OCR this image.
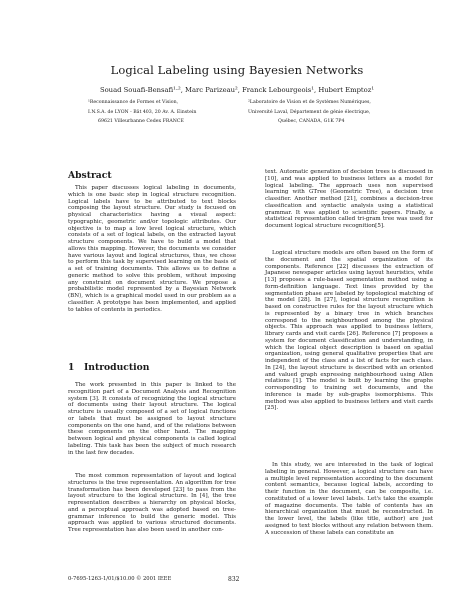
Logical Labeling using Bayesien Networks
Souad Souafi-Bensafi¹·², Marc Parizeau², Franck Lebourgeois¹, Hubert Emptoz¹
¹Reconnaissance de Formes et Vision,
I.N.S.A. de LYON - Bât 403, 20 Av. A. Einstein
69621 Villeurbanne Cedex FRANCE
²Laboratoire de Vision et de Systèmes Numériques,
Université Laval, Département de génie électrique,
Québec, CANADA, G1K 7P4
Abstract

This paper discusses logical labeling in documents, which is one basic step in logical structure recognition. Logical labels have to be attributed to text blocks composing the layout structure. Our study is focused on physical characteristics having a visual aspect: typographic, geometric and/or topologic attributes. Our objective is to map a low level logical structure, which consists of a set of logical labels, on the extracted layout structure components. We have to build a model that allows this mapping. However, the documents we consider have various layout and logical structures, thus, we chose to perform this task by supervised learning on the basis of a set of training documents. This allows us to define a generic method to solve this problem, without imposing any constraint on document structure. We propose a probabilistic model represented by a Bayesian Network (BN), which is a graphical model used in our problem as a classifier. A prototype has been implemented, and applied to tables of contents in periodics.

1   Introduction

The work presented in this paper is linked to the recognition part of a Document Analysis and Recognition system [3]. It consists of recognizing the logical structure of documents using their layout structure. The logical structure is usually composed of a set of logical functions or labels that must be assigned to layout structure components on the one hand, and of the relations between these components on the other hand. The mapping between logical and physical components is called logical labeling. This task has been the subject of much research in the last few decades.

The most common representation of layout and logical structures is the tree representation. An algorithm for tree transformation has been developed [23] to pass from the layout structure to the logical structure. In [4], the tree representation describes a hierarchy on physical blocks, and a perceptual approach was adopted based on tree-grammar inference to build the generic model. This approach was applied to various structured documents. Tree representation has also been used in another con-

text. Automatic generation of decision trees is discussed in [10], and was applied to business letters as a model for logical labeling. The approach uses non supervised learning with GTree (Geometric Tree), a decision tree classifier. Another method [21], combines a decision-tree classification and syntactic analysis using a statistical grammar. It was applied to scientific papers. Finally, a statistical representation called tri-gram tree was used for document logical structure recognition[5].

Logical structure models are often based on the form of the document and the spatial organization of its components. Reference [22] discusses the extraction of Japanese newspaper articles using layout heuristics, while [13] proposes a rule-based segmentation method using a form-definition language. Text lines provided by the segmentation phase are labeled by topological matching of the model [28]. In [27], logical structure recognition is based on constructive rules for the layout structure which is represented by a binary tree in which branches correspond to the neighbourhood among the physical objects. This approach was applied to business letters, library cards and visit cards [26]. Reference [7] proposes a system for document classification and understanding, in which the logical object description is based on spatial organization, using general qualitative properties that are independent of the class and a list of facts for each class. In [24], the layout structure is described with an oriented and valued graph expressing neighbourhood using Allen relations [1]. The model is built by learning the graphs corresponding to training set documents, and the inference is made by sub-graphs isomorphisms. This method was also applied to business letters and visit cards [25].

In this study, we are interested in the task of logical labeling in general. However, a logical structure can have a multiple level representation according to the document content semantics, because logical labels, according to their function in the document, can be composite, i.e. constituted of a lower level labels. Let's take the example of magazine documents. The table of contents has an hierarchical organization that must be reconstructed. In the lower level, the labels (like title, author) are just assigned to text blocks without any relation between them. A succession of these labels can constitute an

0-7695-1263-1/01/$10.00 © 2001 IEEE	832
